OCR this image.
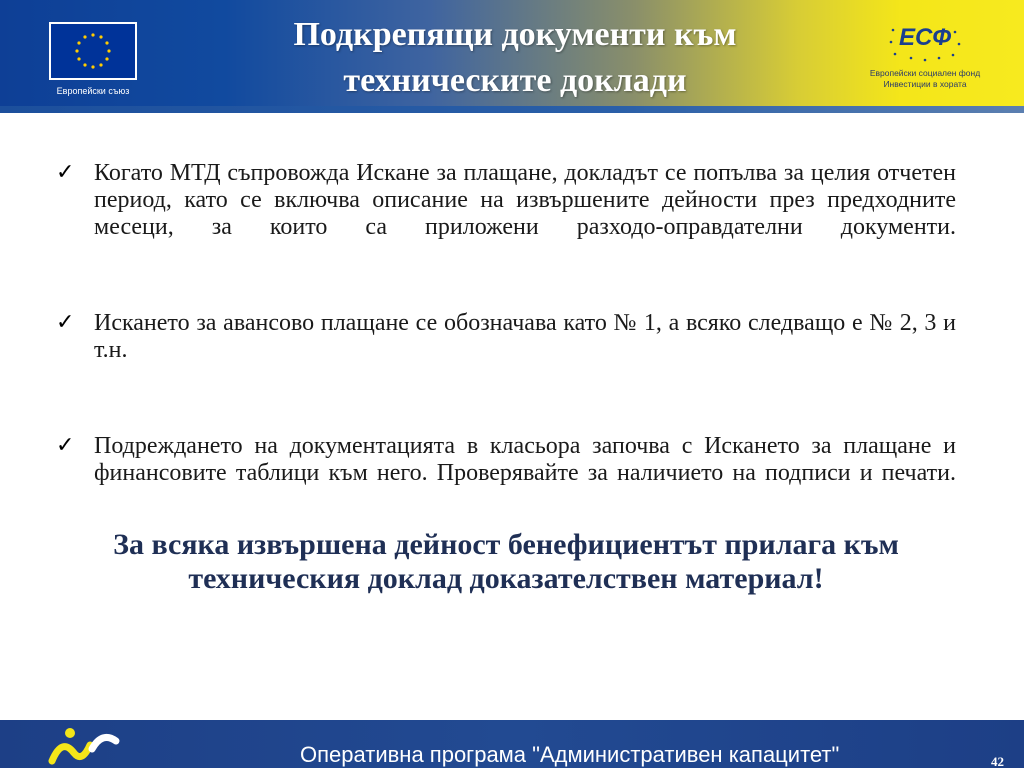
Европейски съюз
Подкрепящи документи към
техническите доклади
ЕСФ
Европейски социален фонд
Инвестиции в хората
✓ Когато МТД съпровожда Искане за плащане, докладът се попълва за целия отчетен период, като се включва описание на извършените дейности през предходните месеци, за които са приложени разходо-оправдателни документи.
✓ Искането за авансово плащане се обозначава като № 1, а всяко следващо е № 2, 3 и т.н.
✓ Подреждането на документацията в класьора започва с Искането за плащане и финансовите таблици към него. Проверявайте за наличието на подписи и печати.
За всяка извършена дейност бенефициентът прилага към
техническия доклад доказателствен материал!
Оперативна програма "Административен капацитет"	42
